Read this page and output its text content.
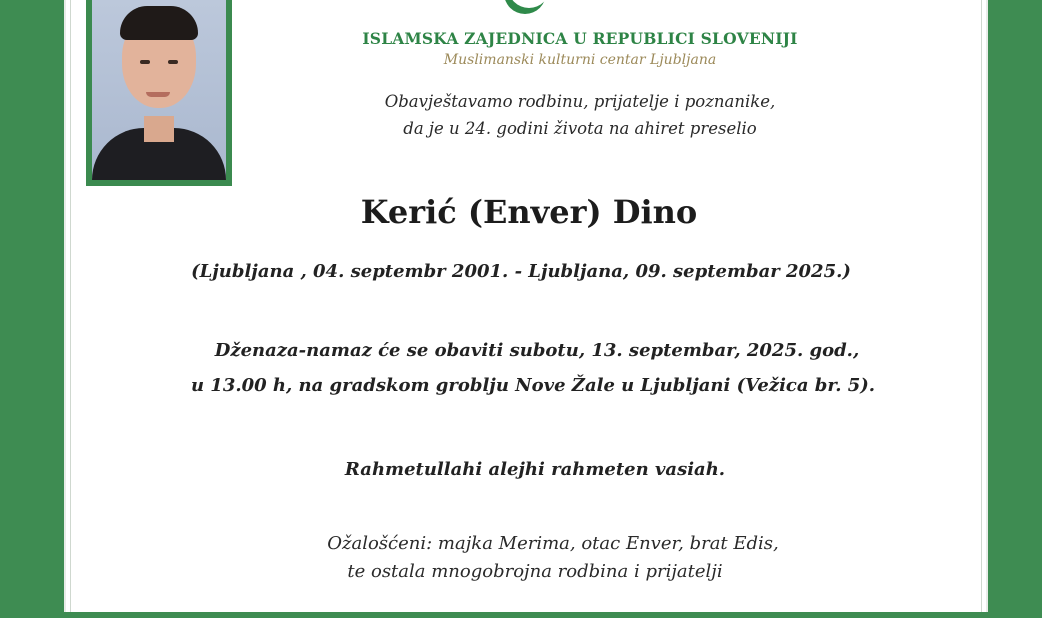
ISLAMSKA ZAJEDNICA U REPUBLICI SLOVENIJI
Muslimanski kulturni centar Ljubljana
Obavještavamo rodbinu, prijatelje i poznanike,
da je u 24. godini života na ahiret preselio
Kerić (Enver) Dino
(Ljubljana , 04. septembr 2001. - Ljubljana, 09. septembar 2025.)
Dženaza-namaz će se obaviti subotu, 13. septembar, 2025. god.,
u 13.00 h, na gradskom groblju Nove Žale u Ljubljani (Vežica br. 5).
Rahmetullahi alejhi rahmeten vasiah.
Ožalošćeni: majka Merima, otac Enver, brat Edis,
te ostala mnogobrojna rodbina i prijatelji
